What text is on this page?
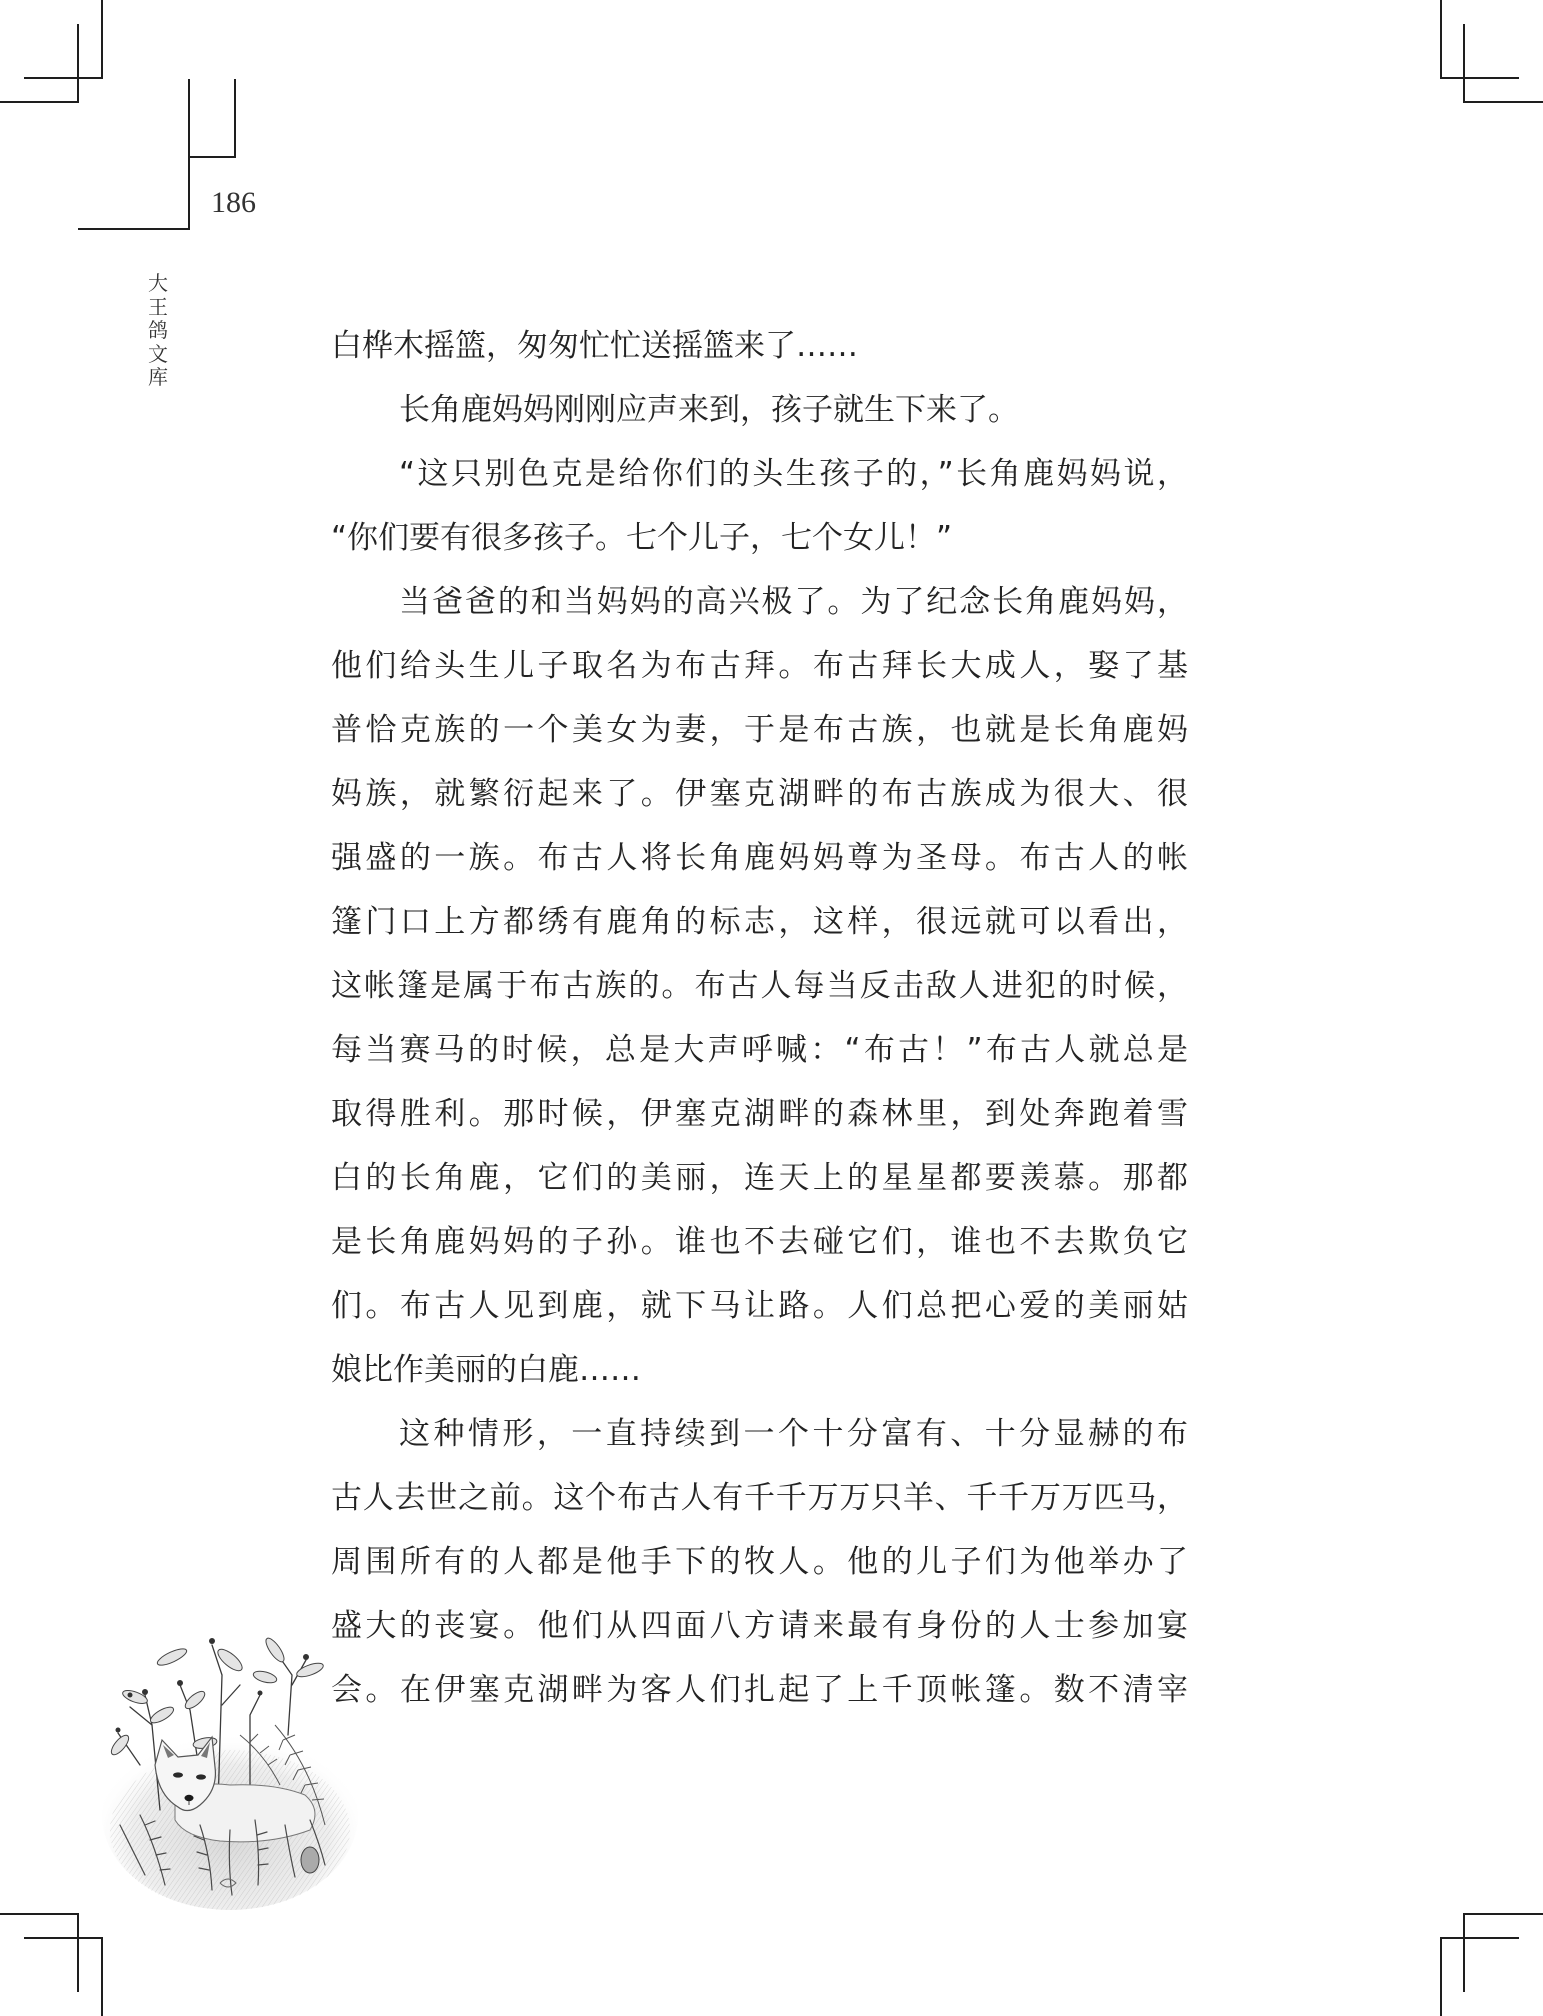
186
大王鸽文库
白桦木摇篮，匆匆忙忙送摇篮来了……
长角鹿妈妈刚刚应声来到，孩子就生下来了。
“这只别色克是给你们的头生孩子的，”长角鹿妈妈说，
“你们要有很多孩子。七个儿子，七个女儿！”
当爸爸的和当妈妈的高兴极了。为了纪念长角鹿妈妈，
他们给头生儿子取名为布古拜。布古拜长大成人，娶了基
普恰克族的一个美女为妻，于是布古族，也就是长角鹿妈
妈族，就繁衍起来了。伊塞克湖畔的布古族成为很大、很
强盛的一族。布古人将长角鹿妈妈尊为圣母。布古人的帐
篷门口上方都绣有鹿角的标志，这样，很远就可以看出，
这帐篷是属于布古族的。布古人每当反击敌人进犯的时候，
每当赛马的时候，总是大声呼喊：“布古！”布古人就总是
取得胜利。那时候，伊塞克湖畔的森林里，到处奔跑着雪
白的长角鹿，它们的美丽，连天上的星星都要羡慕。那都
是长角鹿妈妈的子孙。谁也不去碰它们，谁也不去欺负它
们。布古人见到鹿，就下马让路。人们总把心爱的美丽姑
娘比作美丽的白鹿……
这种情形，一直持续到一个十分富有、十分显赫的布
古人去世之前。这个布古人有千千万万只羊、千千万万匹马，
周围所有的人都是他手下的牧人。他的儿子们为他举办了
盛大的丧宴。他们从四面八方请来最有身份的人士参加宴
会。在伊塞克湖畔为客人们扎起了上千顶帐篷。数不清宰
